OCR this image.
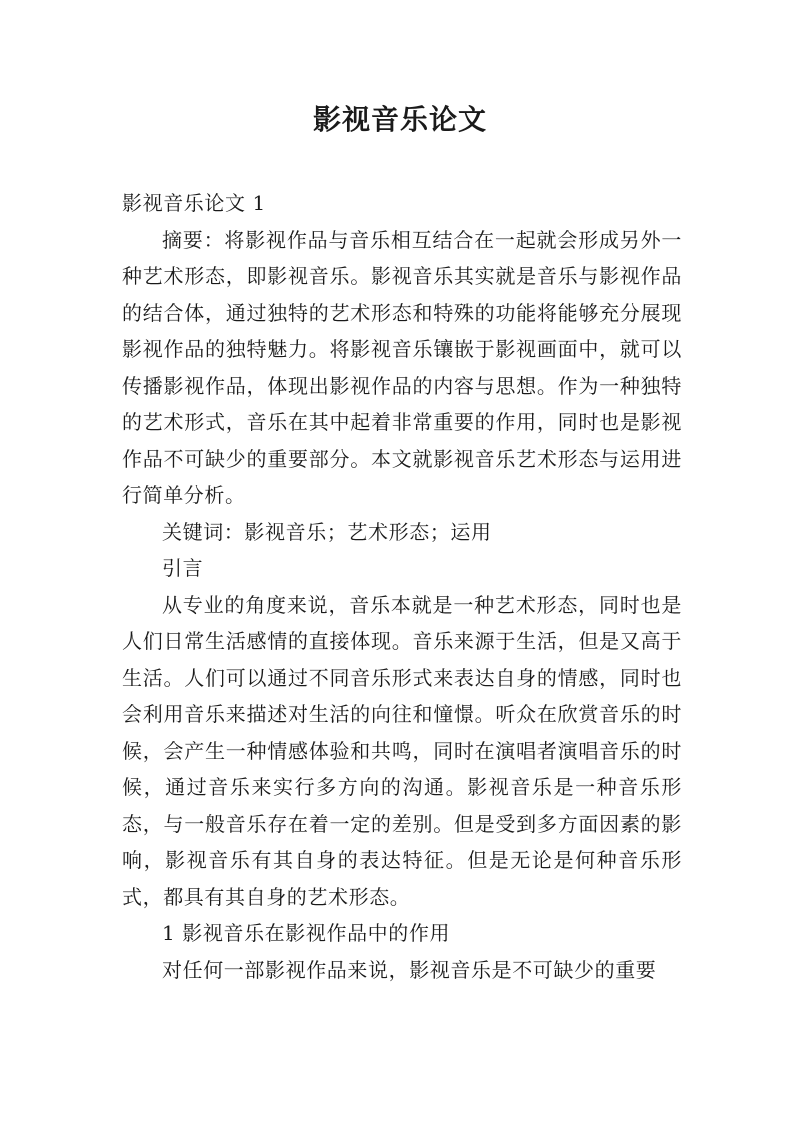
影视音乐论文

影视音乐论文 1

摘要：将影视作品与音乐相互结合在一起就会形成另外一种艺术形态，即影视音乐。影视音乐其实就是音乐与影视作品的结合体，通过独特的艺术形态和特殊的功能将能够充分展现影视作品的独特魅力。将影视音乐镶嵌于影视画面中，就可以传播影视作品，体现出影视作品的内容与思想。作为一种独特的艺术形式，音乐在其中起着非常重要的作用，同时也是影视作品不可缺少的重要部分。本文就影视音乐艺术形态与运用进行简单分析。

关键词：影视音乐；艺术形态；运用

引言

从专业的角度来说，音乐本就是一种艺术形态，同时也是人们日常生活感情的直接体现。音乐来源于生活，但是又高于生活。人们可以通过不同音乐形式来表达自身的情感，同时也会利用音乐来描述对生活的向往和憧憬。听众在欣赏音乐的时候，会产生一种情感体验和共鸣，同时在演唱者演唱音乐的时候，通过音乐来实行多方向的沟通。影视音乐是一种音乐形态，与一般音乐存在着一定的差别。但是受到多方面因素的影响，影视音乐有其自身的表达特征。但是无论是何种音乐形式，都具有其自身的艺术形态。

1 影视音乐在影视作品中的作用

对任何一部影视作品来说，影视音乐是不可缺少的重要
